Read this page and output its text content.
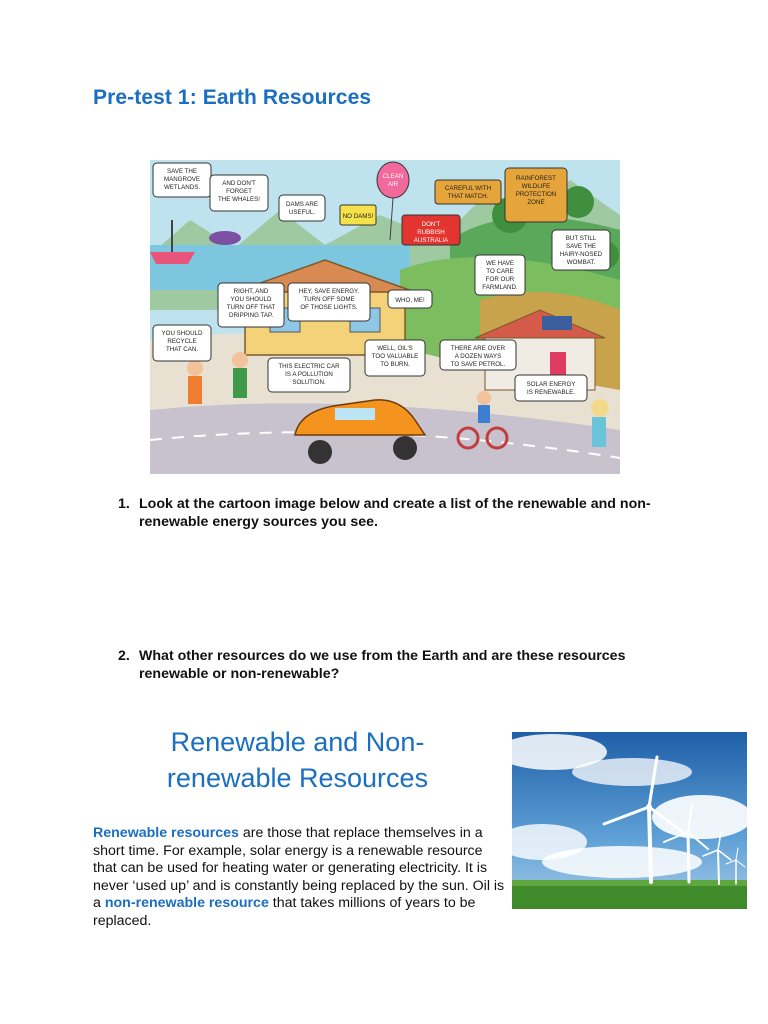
Pre-test 1: Earth Resources
SAVE THE
MANGROVE
WETLANDS.
AND DON'T
FORGET
THE WHALES!
DAMS ARE
USEFUL.
CLEAN
AIR
NO DAMS!
DON'T
RUBBISH
AUSTRALIA
CAREFUL WITH
THAT MATCH.
RAINFOREST
WILDLIFE
PROTECTION
ZONE
BUT STILL
SAVE THE
HAIRY-NOSED
WOMBAT.
WE HAVE
TO CARE
FOR OUR
FARMLAND.
RIGHT, AND
YOU SHOULD
TURN OFF THAT
DRIPPING TAP.
HEY, SAVE ENERGY.
TURN OFF SOME
OF THOSE LIGHTS.
WHO, ME!
YOU SHOULD
RECYCLE
THAT CAN.
THIS ELECTRIC CAR
IS A POLLUTION
SOLUTION.
WELL, OIL'S
TOO VALUABLE
TO BURN.
THERE ARE OVER
A DOZEN WAYS
TO SAVE PETROL.
SOLAR ENERGY
IS RENEWABLE.
1. Look at the cartoon image below and create a list of the renewable and non-renewable energy sources you see.
2. What other resources do we use from the Earth and are these resources renewable or non-renewable?
Renewable and Non-renewable Resources
Renewable resources are those that replace themselves in a short time. For example, solar energy is a renewable resource that can be used for heating water or generating electricity. It is never ‘used up’ and is constantly being replaced by the sun. Oil is a non-renewable resource that takes millions of years to be replaced.
